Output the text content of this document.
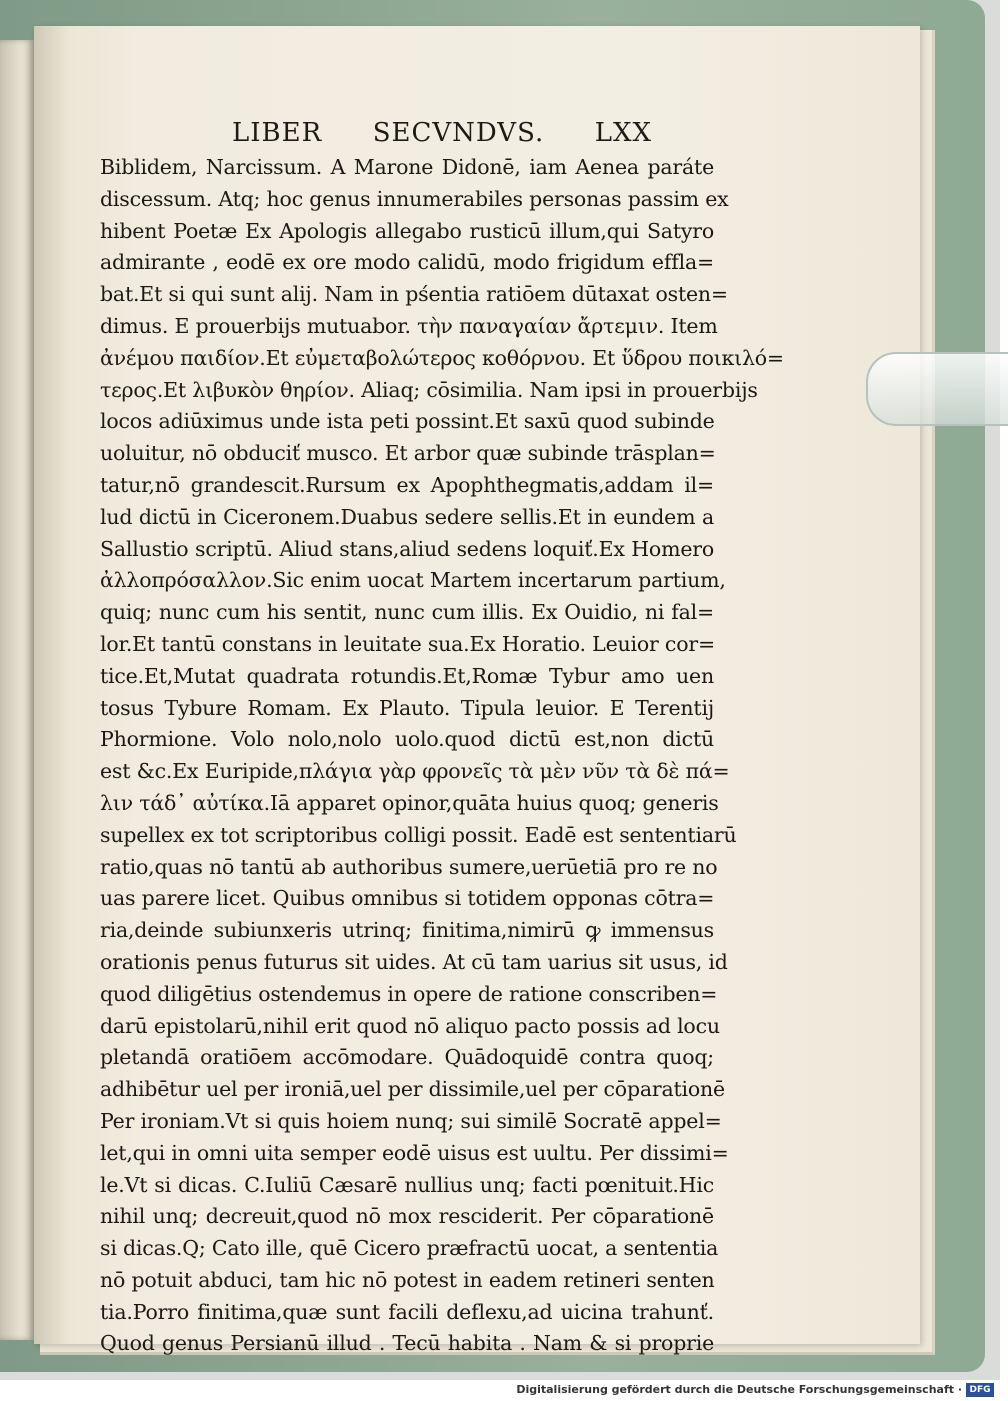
LIBER SECVNDVS. LXX
Biblidem, Narcissum. A Marone Didonē, iam Aenea paráte
discessum. Atq; hoc genus innumerabiles personas passim ex
hibent Poetæ Ex Apologis allegabo rusticū illum,qui Satyro
admirante , eodē ex ore modo calidū, modo frigidum effla=
bat.Et si qui sunt alij. Nam in pśentia ratiōem dūtaxat osten=
dimus. E prouerbijs mutuabor. τὴν παναγαίαν ἄρτεμιν. Item
ἀνέμου παιδίον.Et εὐμεταβολώτερος κοθόρνου. Et ὕδρου ποικιλό=
τερος.Et λιβυκὸν θηρίον. Aliaq; cōsimilia. Nam ipsi in prouerbijs
locos adiūximus unde ista peti possint.Et saxū quod subinde
uoluitur, nō obduciť musco. Et arbor quæ subinde trāsplan=
tatur,nō grandescit.Rursum ex Apophthegmatis,addam il=
lud dictū in Ciceronem.Duabus sedere sellis.Et in eundem a
Sallustio scriptū. Aliud stans,aliud sedens loquiť.Ex Homero
ἀλλοπρόσαλλον.Sic enim uocat Martem incertarum partium,
quiq; nunc cum his sentit, nunc cum illis. Ex Ouidio, ni fal=
lor.Et tantū constans in leuitate sua.Ex Horatio. Leuior cor=
tice.Et,Mutat quadrata rotundis.Et,Romæ Tybur amo uen
tosus Tybure Romam. Ex Plauto. Tipula leuior. E Terentij
Phormione. Volo nolo,nolo uolo.quod dictū est,non dictū
est &c.Ex Euripide,πλάγια γὰρ φρονεῖς τὰ μὲν νῦν τὰ δὲ πά=
λιν τάδ᾽ αὐτίκα.Iā apparet opinor,quāta huius quoq; generis
supellex ex tot scriptoribus colligi possit. Eadē est sententiarū
ratio,quas nō tantū ab authoribus sumere,uerūetiā pro re no
uas parere licet. Quibus omnibus si totidem opponas cōtra=
ria,deinde subiunxeris utrinq; finitima,nimirū ꝙ immensus
orationis penus futurus sit uides. At cū tam uarius sit usus, id
quod diligētius ostendemus in opere de ratione conscriben=
darū epistolarū,nihil erit quod nō aliquo pacto possis ad locu
pletandā oratiōem accōmodare. Quādoquidē contra quoq;
adhibētur uel per ironiā,uel per dissimile,uel per cōparationē
Per ironiam.Vt si quis hoiem nunq; sui similē Socratē appel=
let,qui in omni uita semper eodē uisus est uultu. Per dissimi=
le.Vt si dicas. C.Iuliū Cæsarē nullius unq; facti pœnituit.Hic
nihil unq; decreuit,quod nō mox resciderit. Per cōparationē
si dicas.Q; Cato ille, quē Cicero præfractū uocat, a sententia
nō potuit abduci, tam hic nō potest in eadem retineri senten
tia.Porro finitima,quæ sunt facili deflexu,ad uicina trahunť.
Quod genus Persianū illud . Tecū habita . Nam & si proprie
Digitalisierung gefördert durch die Deutsche Forschungsgemeinschaft · DFG
